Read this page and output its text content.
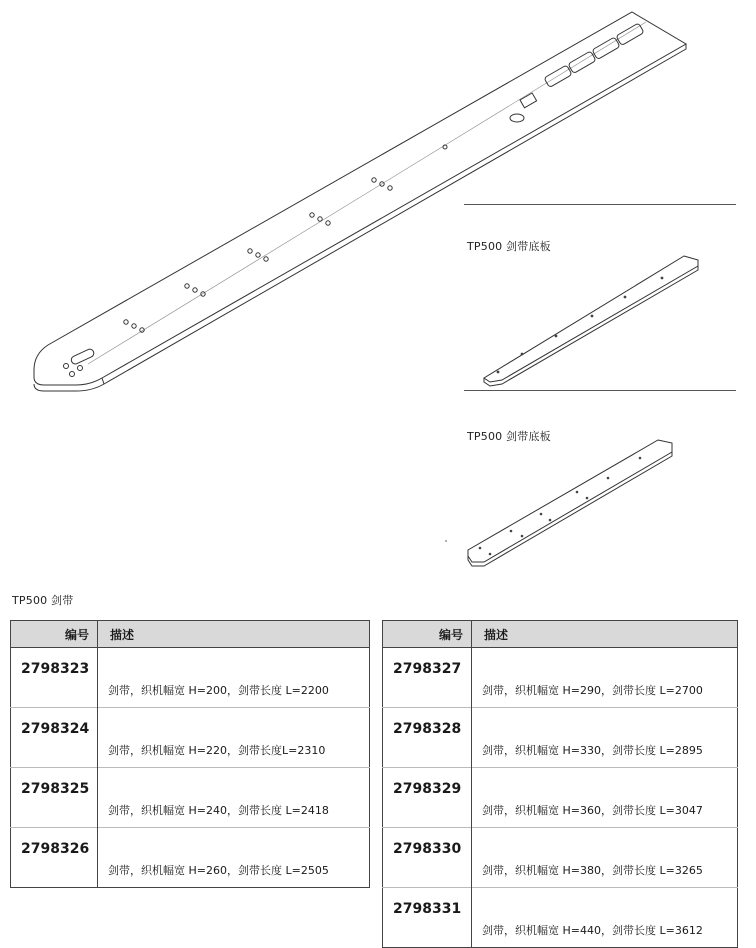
TP500 剑带底板
TP500 剑带底板
TP500 剑带
编号	描述
2798323	剑带，织机幅宽 H=200，剑带长度 L=2200
2798324	剑带，织机幅宽 H=220，剑带长度L=2310
2798325	剑带，织机幅宽 H=240，剑带长度 L=2418
2798326	剑带，织机幅宽 H=260，剑带长度 L=2505
编号	描述
2798327	剑带，织机幅宽 H=290，剑带长度 L=2700
2798328	剑带，织机幅宽 H=330，剑带长度 L=2895
2798329	剑带，织机幅宽 H=360，剑带长度 L=3047
2798330	剑带，织机幅宽 H=380，剑带长度 L=3265
2798331	剑带，织机幅宽 H=440，剑带长度 L=3612
